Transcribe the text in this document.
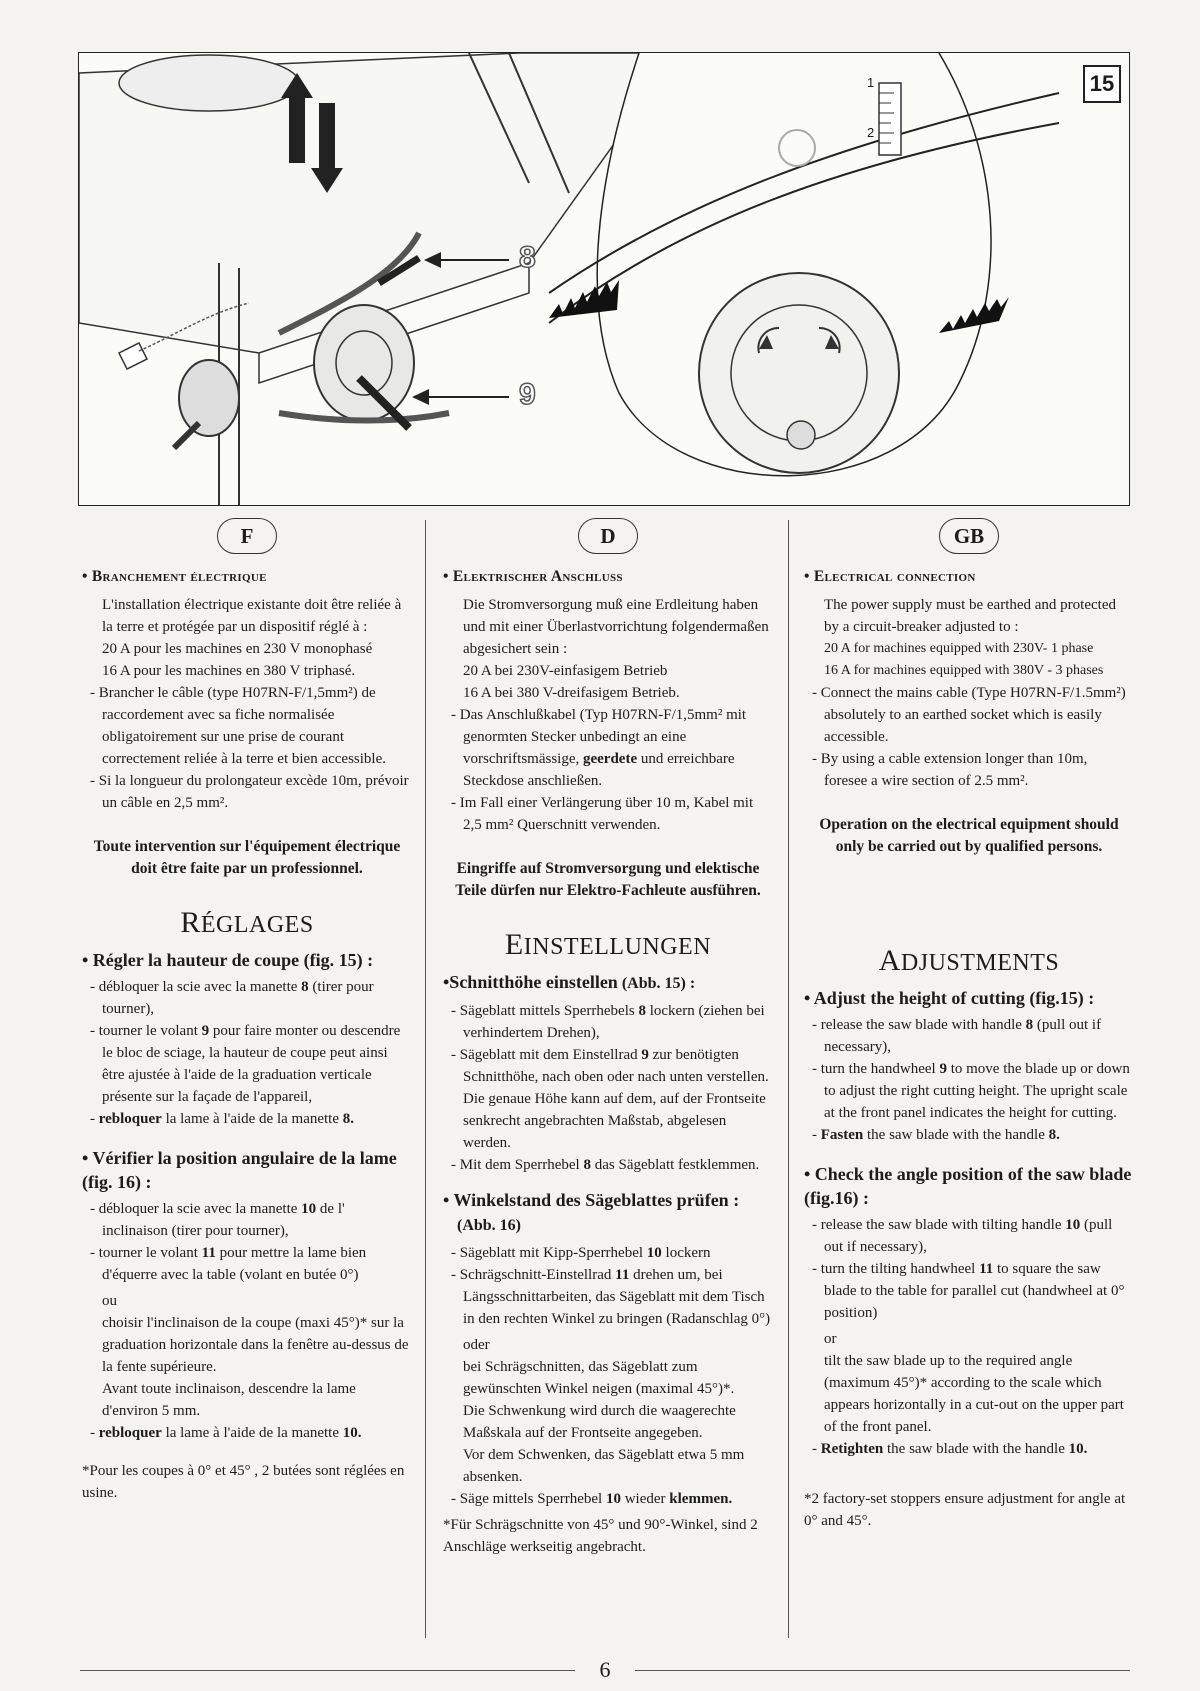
15
8
9
1
2
F
• Branchement électrique

L'installation électrique existante doit être reliée à la terre et protégée par un dispositif réglé à :

20 A pour les machines en 230 V monophasé

16 A pour les machines en 380 V triphasé.

- Brancher le câble (type H07RN-F/1,5mm²) de raccordement avec sa fiche normalisée obligatoirement sur une prise de courant correctement reliée à la terre et bien accessible.
- Si la longueur du prolongateur excède 10m, prévoir un câble en 2,5 mm².
Toute intervention sur l'équipement électrique doit être faite par un professionnel.
RÉGLAGES
• Régler la hauteur de coupe (fig. 15) :
- débloquer la scie avec la manette 8 (tirer pour tourner),
- tourner le volant 9 pour faire monter ou descendre le bloc de sciage, la hauteur de coupe peut ainsi être ajustée à l'aide de la graduation verticale présente sur la façade de l'appareil,
- rebloquer la lame à l'aide de la manette 8.
• Vérifier la position angulaire de la lame (fig. 16) :
- débloquer la scie avec la manette 10 de l' inclinaison (tirer pour tourner),
- tourner le volant 11 pour mettre la lame bien d'équerre avec la table (volant en butée 0°)

ou

choisir l'inclinaison de la coupe (maxi 45°)* sur la graduation horizontale dans la fenêtre au-dessus de la fente supérieure.

Avant toute inclinaison, descendre la lame d'environ 5 mm.

- rebloquer la lame à l'aide de la manette 10.

*Pour les coupes à 0° et 45° , 2 butées sont réglées en usine.

D
• Elektrischer Anschluss

Die Stromversorgung muß eine Erdleitung haben und mit einer Überlastvorrichtung folgendermaßen abgesichert sein :

20 A bei 230V-einfasigem Betrieb

16 A bei 380 V-dreifasigem Betrieb.

- Das Anschlußkabel (Typ H07RN-F/1,5mm² mit genormten Stecker unbedingt an eine vorschriftsmässige, geerdete und erreichbare Steckdose anschließen.
- Im Fall einer Verlängerung über 10 m, Kabel mit 2,5 mm² Querschnitt verwenden.
Eingriffe auf Stromversorgung und elektische Teile dürfen nur Elektro-Fachleute ausführen.
EINSTELLUNGEN
•Schnitthöhe einstellen (Abb. 15) :
- Sägeblatt mittels Sperrhebels 8 lockern (ziehen bei verhindertem Drehen),
- Sägeblatt mit dem Einstellrad 9 zur benötigten Schnitthöhe, nach oben oder nach unten verstellen. Die genaue Höhe kann auf dem, auf der Frontseite senkrecht angebrachten Maßstab, abgelesen werden.
- Mit dem Sperrhebel 8 das Sägeblatt festklemmen.
• Winkelstand des Sägeblattes prüfen :
(Abb. 16)
- Sägeblatt mit Kipp-Sperrhebel 10 lockern
- Schrägschnitt-Einstellrad 11 drehen um, bei Längsschnittarbeiten, das Sägeblatt mit dem Tisch in den rechten Winkel zu bringen (Radanschlag 0°)

oder

bei Schrägschnitten, das Sägeblatt zum gewünschten Winkel neigen (maximal 45°)*.

Die Schwenkung wird durch die waagerechte Maßskala auf der Frontseite angegeben.

Vor dem Schwenken, das Sägeblatt etwa 5 mm absenken.

- Säge mittels Sperrhebel 10 wieder klemmen.

*Für Schrägschnitte von 45° und 90°-Winkel, sind 2 Anschläge werkseitig angebracht.

GB
• Electrical connection

The power supply must be earthed and protected by a circuit-breaker adjusted to :

20 A for machines equipped with 230V- 1 phase

16 A for machines equipped with 380V - 3 phases

- Connect the mains cable (Type H07RN-F/1.5mm²) absolutely to an earthed socket which is easily accessible.
- By using a cable extension longer than 10m, foresee a wire section of 2.5 mm².
Operation on the electrical equipment should only be carried out by qualified persons.
ADJUSTMENTS
• Adjust the height of cutting (fig.15) :
- release the saw blade with handle 8 (pull out if necessary),
- turn the handwheel 9 to move the blade up or down to adjust the right cutting height. The upright scale at the front panel indicates the height for cutting.
- Fasten the saw blade with the handle 8.
• Check the angle position of the saw blade (fig.16) :
- release the saw blade with tilting handle 10 (pull out if necessary),
- turn the tilting handwheel 11 to square the saw blade to the table for parallel cut (handwheel at 0° position)

or

tilt the saw blade up to the required angle (maximum 45°)* according to the scale which appears horizontally in a cut-out on the upper part of the front panel.

- Retighten the saw blade with the handle 10.

*2 factory-set stoppers ensure adjustment for angle at 0° and 45°.

6
